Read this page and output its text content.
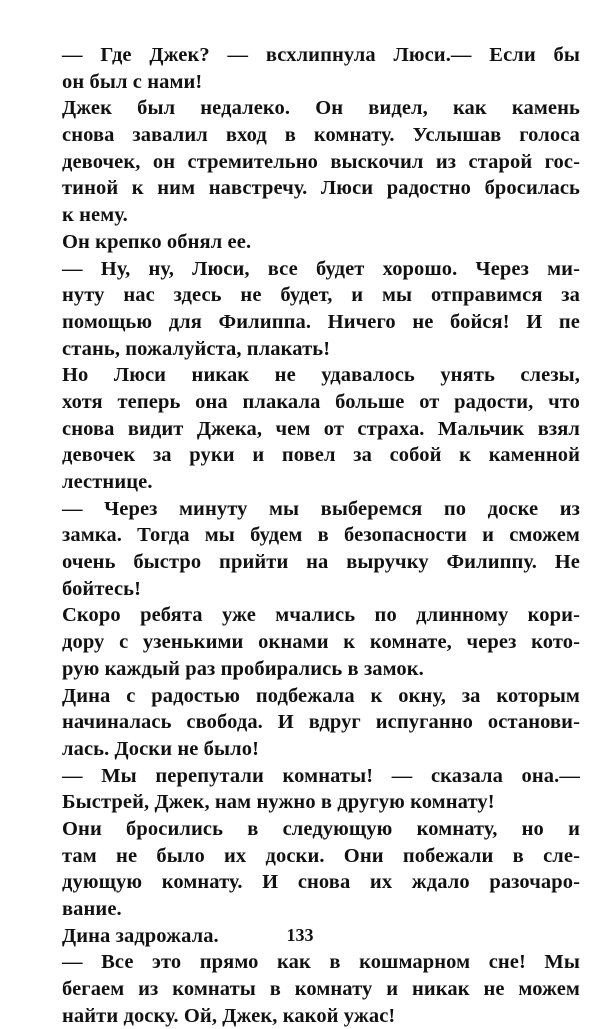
— Где Джек? — всхлипнула Люси.— Если бы
он был с нами!
Джек был недалеко. Он видел, как камень
снова завалил вход в комнату. Услышав голоса
девочек, он стремительно выскочил из старой гос-
тиной к ним навстречу. Люси радостно бросилась
к нему.
Он крепко обнял ее.
— Ну, ну, Люси, все будет хорошо. Через ми-
нуту нас здесь не будет, и мы отправимся за
помощью для Филиппа. Ничего не бойся! И пе
стань, пожалуйста, плакать!
Но Люси никак не удавалось унять слезы,
хотя теперь она плакала больше от радости, что
снова видит Джека, чем от страха. Мальчик взял
девочек за руки и повел за собой к каменной
лестнице.
— Через минуту мы выберемся по доске из
замка. Тогда мы будем в безопасности и сможем
очень быстро прийти на выручку Филиппу. Не
бойтесь!
Скоро ребята уже мчались по длинному кори-
дору с узенькими окнами к комнате, через кото-
рую каждый раз пробирались в замок.
Дина с радостью подбежала к окну, за которым
начиналась свобода. И вдруг испуганно останови-
лась. Доски не было!
— Мы перепутали комнаты! — сказала она.—
Быстрей, Джек, нам нужно в другую комнату!
Они бросились в следующую комнату, но и
там не было их доски. Они побежали в сле-
дующую комнату. И снова их ждало разочаро-
вание.
Дина задрожала.
— Все это прямо как в кошмарном сне! Мы
бегаем из комнаты в комнату и никак не можем
найти доску. Ой, Джек, какой ужас!
133
